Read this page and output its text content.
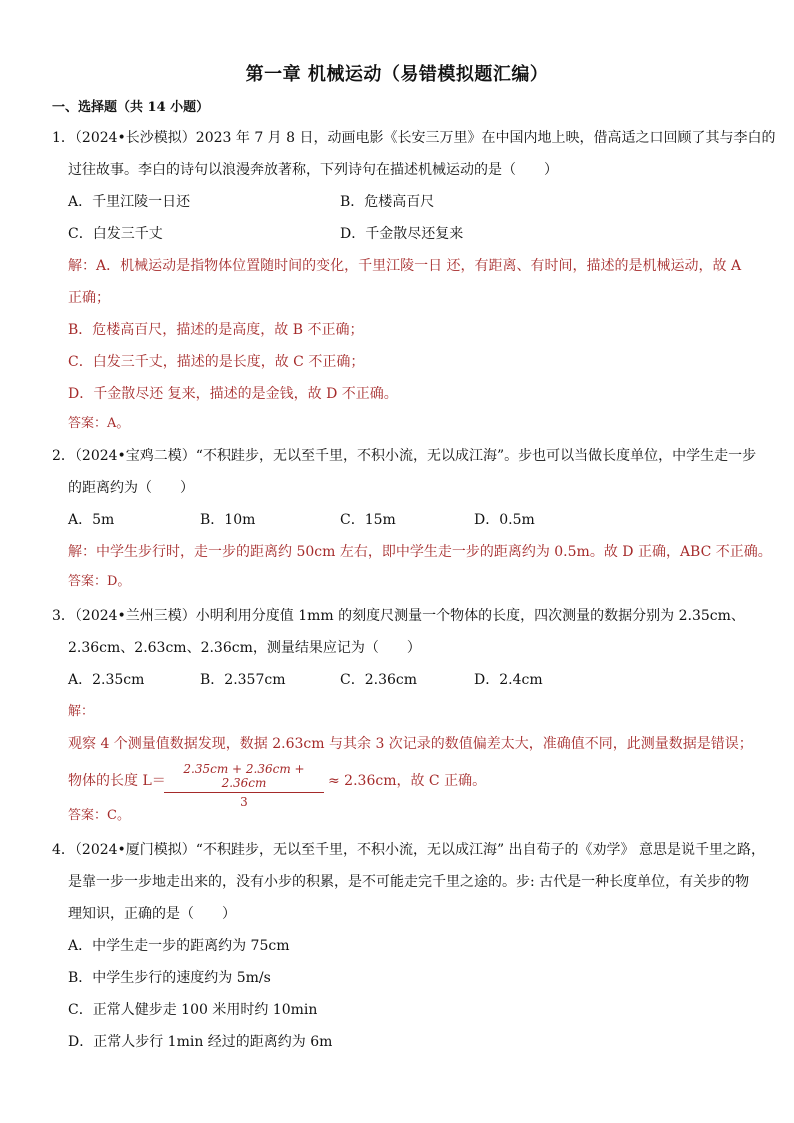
第一章 机械运动（易错模拟题汇编）
一、选择题（共 14 小题）
1．（2024•长沙模拟）2023 年 7 月 8 日，动画电影《长安三万里》在中国内地上映，借高适之口回顾了其与李白的
过往故事。李白的诗句以浪漫奔放著称，下列诗句在描述机械运动的是（　　）
A．千里江陵一日还	B．危楼高百尺
C．白发三千丈	D．千金散尽还复来
解：A．机械运动是指物体位置随时间的变化，千里江陵一日 还，有距离、有时间，描述的是机械运动，故 A
正确；
B．危楼高百尺，描述的是高度，故 B 不正确；
C．白发三千丈，描述的是长度，故 C 不正确；
D．千金散尽还 复来，描述的是金钱，故 D 不正确。
答案：A。
2．（2024•宝鸡二模）“不积跬步，无以至千里，不积小流，无以成江海”。步也可以当做长度单位，中学生走一步
的距离约为（　　）
A．5m	B．10m	C．15m	D．0.5m
解：中学生步行时，走一步的距离约 50cm 左右，即中学生走一步的距离约为 0.5m。故 D 正确，ABC 不正确。
答案：D。
3．（2024•兰州三模）小明利用分度值 1mm 的刻度尺测量一个物体的长度，四次测量的数据分别为 2.35cm、
2.36cm、2.63cm、2.36cm，测量结果应记为（　　）
A．2.35cm	B．2.357cm	C．2.36cm	D．2.4cm
解：
观察 4 个测量值数据发现，数据 2.63cm 与其余 3 次记录的数值偏差太大，准确值不同，此测量数据是错误；
物体的长度 L＝
$\frac{2.35cm + 2.36cm + 2.36cm}{3} \approx 2.36cm$，故 C 正确。
答案：C。
4．（2024•厦门模拟）“不积跬步，无以至千里，不积小流，无以成江海” 出自荀子的《劝学》 意思是说千里之路，
是靠一步一步地走出来的，没有小步的积累，是不可能走完千里之途的。步: 古代是一种长度单位，有关步的物
理知识，正确的是（　　）
A．中学生走一步的距离约为 75cm
B．中学生步行的速度约为 5m/s
C．正常人健步走 100 米用时约 10min
D．正常人步行 1min 经过的距离约为 6m
